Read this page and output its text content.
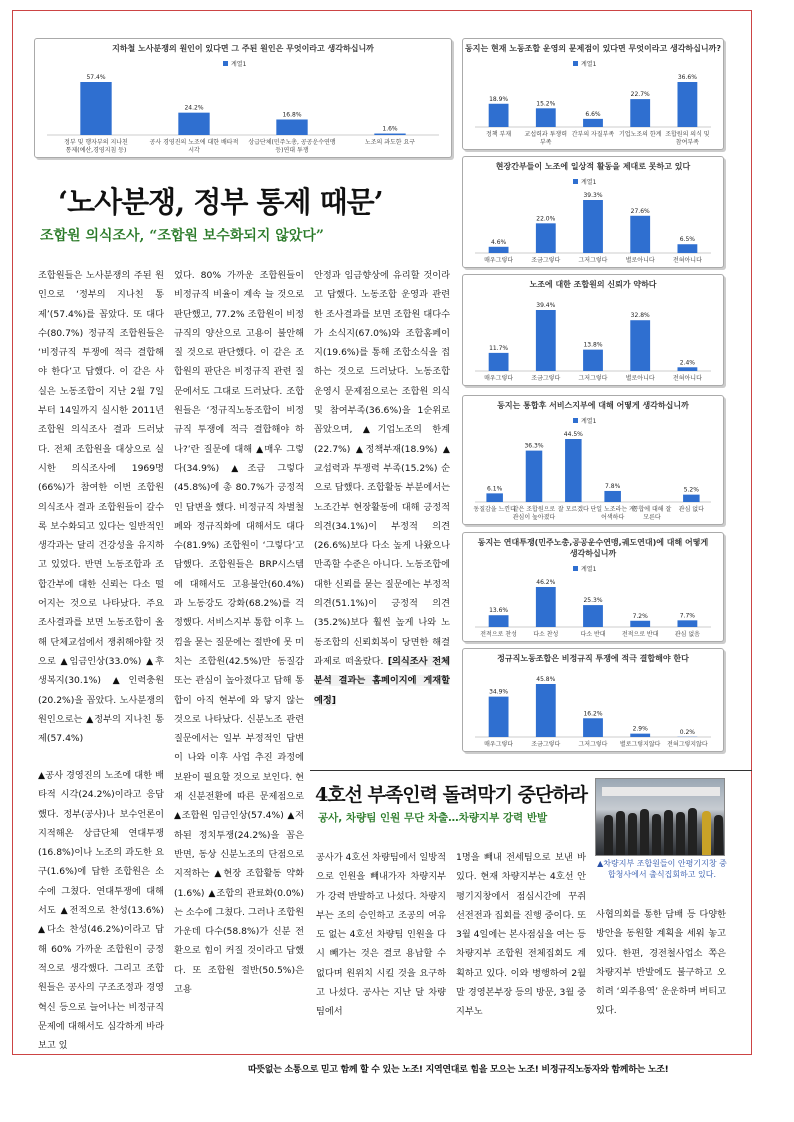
지하철 노사분쟁의 원인이 있다면 그 주된 원인은 무엇이라고 생각하십니까
계열1
57.4%
정부 및 행자부의 지나친
통제(예산,경영지침 등)
24.2%
공사 경영진의 노조에 대한 배타적
시각
16.8%
상급단체(민주노총, 공공운수연맹
등)연대 투쟁
1.6%
노조의 과도한 요구
동지는 현재 노동조합 운영의 문제점이 있다면 무엇이라고 생각하십니까?
계열1
18.9%
정책 부재
15.2%
교섭력과 투쟁력
부족
6.6%
간부의 자질부족
22.7%
기업노조의 한계
36.6%
조합원의 의식 및
참여부족
현장간부들이 노조에 일상적 활동을 제대로 못하고 있다
계열1
4.6%
매우그렇다
22.0%
조금그렇다
39.3%
그저그렇다
27.6%
별로아니다
6.5%
전혀아니다
노조에 대한 조합원의 신뢰가 약하다
11.7%
매우그렇다
39.4%
조금그렇다
13.8%
그저그렇다
32.8%
별로아니다
2.4%
전혀아니다
동지는 통합후 서비스지부에 대해 어떻게 생각하십니까
계열1
6.1%
동질감을 느낀다
36.3%
같은 조합원으로
관심이 높아졌다
44.5%
잘 모르겠다
7.8%
단일 노조라는 게
어색하다
통합에 대해 잘
모른다
5.2%
관심 없다
동지는 연대투쟁(민주노총,공공운수연맹,궤도연대)에 대해 어떻게
생각하십니까
계열1
13.6%
전적으로 찬성
46.2%
다소 찬성
25.3%
다소 반대
7.2%
전적으로 반대
7.7%
관심 없음
정규직노동조합은 비정규직 투쟁에 적극 결합해야 한다
34.9%
매우그렇다
45.8%
조금그렇다
16.2%
그저그렇다
2.9%
별로그렇지않다
0.2%
전혀그렇지않다
‘노사분쟁, 정부 통제 때문’
조합원 의식조사, “조합원 보수화되지 않았다”
조합원들은 노사분쟁의 주된 원인으로 ‘정부의 지나친 통제’(57.4%)를 꼽았다. 또 대다수(80.7%) 정규직 조합원들은 ‘비정규직 투쟁에 적극 결합해야 한다’고 답했다. 이 같은 사실은 노동조합이 지난 2월 7일부터 14일까지 실시한 2011년 조합원 의식조사 결과 드러났다. 전체 조합원을 대상으로 실시한 의식조사에 1969명(66%)가 참여한 이번 조합원 의식조사 결과 조합원들이 갈수록 보수화되고 있다는 일반적인 생각과는 달리 건강성을 유지하고 있었다. 반면 노동조합과 조합간부에 대한 신뢰는 다소 떨어지는 것으로 나타났다. 주요 조사결과를 보면 노동조합이 올해 단체교섭에서 쟁취해야할 것으로 ▲임금인상(33.0%) ▲후생복지(30.1%) ▲인력충원(20.2%)을 꼽았다. 노사분쟁의 원인으로는 ▲정부의 지나친 통제(57.4%)
었다. 80% 가까운 조합원들이 비정규직 비율이 계속 늘 것으로 판단했고, 77.2% 조합원이 비정규직의 양산으로 고용이 불안해 질 것으로 판단했다. 이 같은 조합원의 판단은 비정규직 관련 질문에서도 그대로 드러났다. 조합원들은 ‘정규직노동조합이 비정규직 투쟁에 적극 결합해야 하나?’란 질문에 대해 ▲매우 그렇다(34.9%) ▲조금 그렇다(45.8%)에 총 80.7%가 긍정적인 답변을 했다. 비정규직 차별철폐와 정규직화에 대해서도 대다수(81.9%) 조합원이 ‘그렇다’고 답했다. 조합원들은 BRP시스템에 대해서도 고용불안(60.4%)과 노동강도 강화(68.2%)를 걱정했다. 서비스지부 통합 이후 느낌을 묻는 질문에는 절반에 못 미치는 조합원(42.5%)만 동질감 또는 관심이 높아졌다고 답해 통합이 아직 현부에 와 닿지 않는 것으로 나타났다. 신분노조 관련 질문에서는 일부 부정적인 답변이 나와 이후 사업 추진 과정에 보완이 필요할 것으로 보인다. 현재 신분전환에 따른 문제점으로 ▲조합원 임금인상(57.4%) ▲저하된 정치투쟁(24.2%)을 꼽은 반면, 동상 신분노조의 단점으로 지적하는 ▲현장 조합활동 약화(1.6%) ▲조합의 관료화(0.0%)는 소수에 그쳤다. 그러나 조합원 가운데 다수(58.8%)가 신분 전환으로 힘이 커질 것이라고 답했다. 또 조합원 절반(50.5%)은 고용
안정과 임금향상에 유리할 것이라고 답했다. 노동조합 운영과 관련한 조사결과를 보면 조합원 대다수가 소식지(67.0%)와 조합홈페이지(19.6%)를 통해 조합소식을 접하는 것으로 드러났다. 노동조합 운영시 문제점으로는 조합원 의식 및 참여부족(36.6%)을 1순위로 꼽았으며, ▲기업노조의 한계(22.7%) ▲정책부재(18.9%) ▲교섭력과 투쟁력 부족(15.2%) 순으로 답했다. 조합활동 부분에서는 노조간부 현장활동에 대해 긍정적 의견(34.1%)이 부정적 의견(26.6%)보다 다소 높게 나왔으나 만족할 수준은 아니다. 노동조합에 대한 신뢰를 묻는 질문에는 부정적 의견(51.1%)이 긍정적 의견(35.2%)보다 훨씬 높게 나와 노동조합의 신뢰회복이 당면한 해결 과제로 떠올랐다. [의식조사 전체 분석 결과는 홈페이지에 게재할 예정]
▲공사 경영진의 노조에 대한 배타적 시각(24.2%)이라고 응답했다. 정부(공사)나 보수언론이 지적해온 상급단체 연대투쟁(16.8%)이나 노조의 과도한 요구(1.6%)에 답한 조합원은 소수에 그쳤다. 연대투쟁에 대해서도 ▲전적으로 찬성(13.6%) ▲다소 찬성(46.2%)이라고 답해 60% 가까운 조합원이 긍정적으로 생각했다. 그리고 조합원들은 공사의 구조조정과 경영혁신 등으로 늘어나는 비정규직 문제에 대해서도 심각하게 바라보고 있
4호선 부족인력 돌려막기 중단하라
공사, 차량팀 인원 무단 차출…차량지부 강력 반발
▲차량지부 조합원들이 안평기지창 중합청사에서 출식집회하고 있다.
공사가 4호선 차량팀에서 일방적으로 인원을 빼내가자 차량지부가 강력 반발하고 나섰다. 차량지부는 조의 승인하고 조공의 여유도 없는 4호선 차량팀 인원을 다시 빼가는 것은 결코 용납할 수 없다며 원위치 시킬 것을 요구하고 나섰다. 공사는 지난 달 차량팀에서
1명을 빼내 전세팀으로 보낸 바 있다. 현재 차량지부는 4호선 안평기지창에서 점심시간에 꾸쥐 선전전과 집회를 진행 중이다. 또 3월 4일에는 본사점심을 여는 등 차량지부 조합원 전체집회도 계획하고 있다. 이와 병행하여 2월말 경영본부장 등의 방문, 3월 중 지부노
사협의회를 통한 담배 등 다양한 방안을 동원할 계획을 세워 놓고 있다. 한편, 경전철사업소 쪽은 차량지부 반발에도 불구하고 오히려 ‘외주용역’ 운운하며 버티고 있다.
따뜻없는 소통으로 믿고 함께 할 수 있는 노조! 지역연대로 힘을 모으는 노조! 비정규직노동자와 함께하는 노조!
